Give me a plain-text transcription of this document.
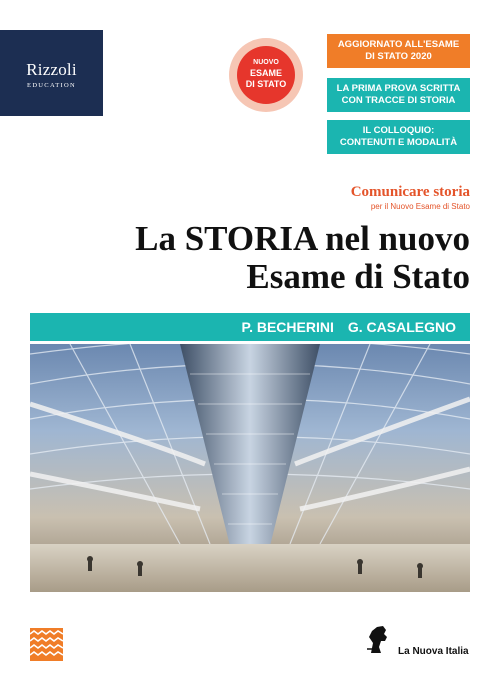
Rizzoli
EDUCATION
NUOVO
ESAME
DI STATO
AGGIORNATO ALL'ESAME
DI STATO 2020
LA PRIMA PROVA SCRITTA
CON TRACCE DI STORIA
IL COLLOQUIO:
CONTENUTI E MODALITÀ
Comunicare storia
per il Nuovo Esame di Stato
La STORIA nel nuovo
Esame di Stato
P. BECHERINI G. CASALEGNO
La Nuova Italia
